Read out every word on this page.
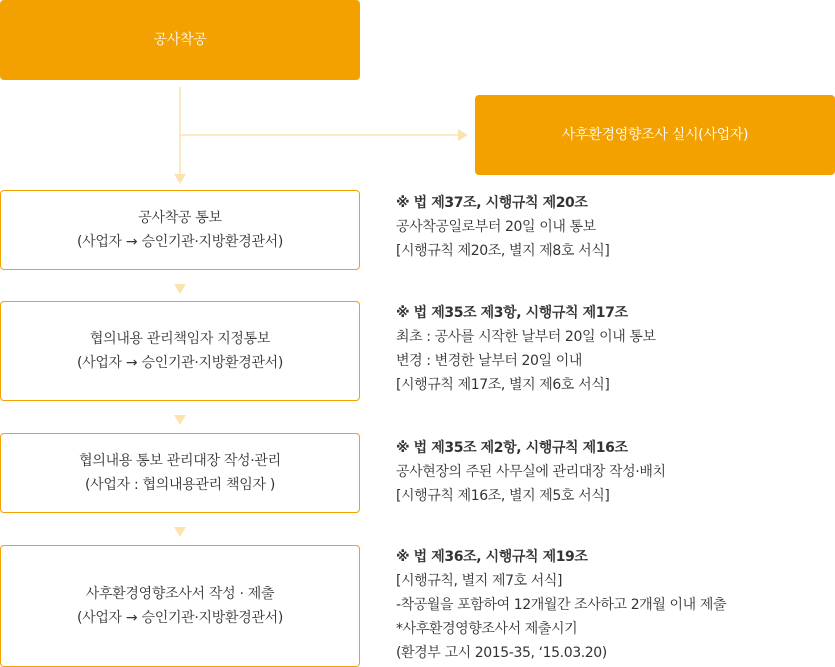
공사착공
사후환경영향조사 실시(사업자)
공사착공 통보
(사업자 → 승인기관·지방환경관서)
협의내용 관리책임자 지정통보
(사업자 → 승인기관·지방환경관서)
협의내용 통보 관리대장 작성·관리
(사업자 : 협의내용관리 책임자 )
사후환경영향조사서 작성 · 제출
(사업자 → 승인기관·지방환경관서)
※ 법 제37조, 시행규칙 제20조
공사착공일로부터 20일 이내 통보
[시행규칙 제20조, 별지 제8호 서식]
※ 법 제35조 제3항, 시행규칙 제17조
최초 : 공사를 시작한 날부터 20일 이내 통보
변경 : 변경한 날부터 20일 이내
[시행규칙 제17조, 별지 제6호 서식]
※ 법 제35조 제2항, 시행규칙 제16조
공사현장의 주된 사무실에 관리대장 작성·배치
[시행규칙 제16조, 별지 제5호 서식]
※ 법 제36조, 시행규칙 제19조
[시행규칙, 별지 제7호 서식]
-착공월을 포함하여 12개월간 조사하고 2개월 이내 제출
*사후환경영향조사서 제출시기
(환경부 고시 2015-35, ‘15.03.20)
